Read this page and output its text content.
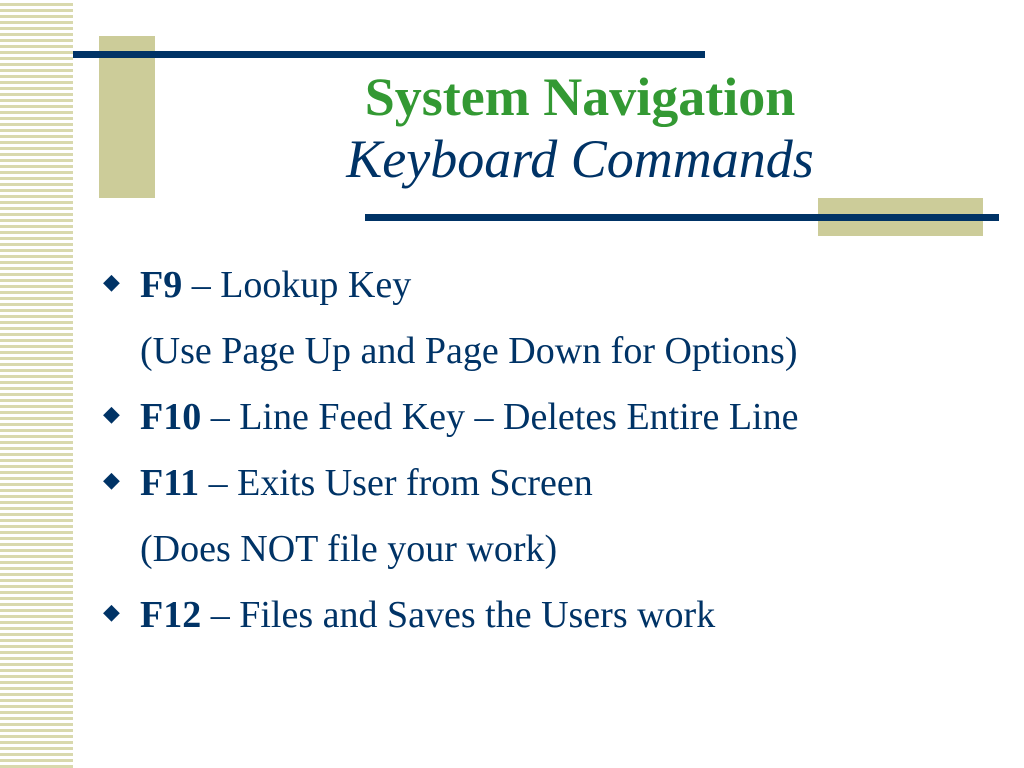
System Navigation
Keyboard Commands
◆ F9 – Lookup Key
(Use Page Up and Page Down for Options)
◆ F10 – Line Feed Key – Deletes Entire Line
◆ F11 – Exits User from Screen
(Does NOT file your work)
◆ F12 – Files and Saves the Users work
